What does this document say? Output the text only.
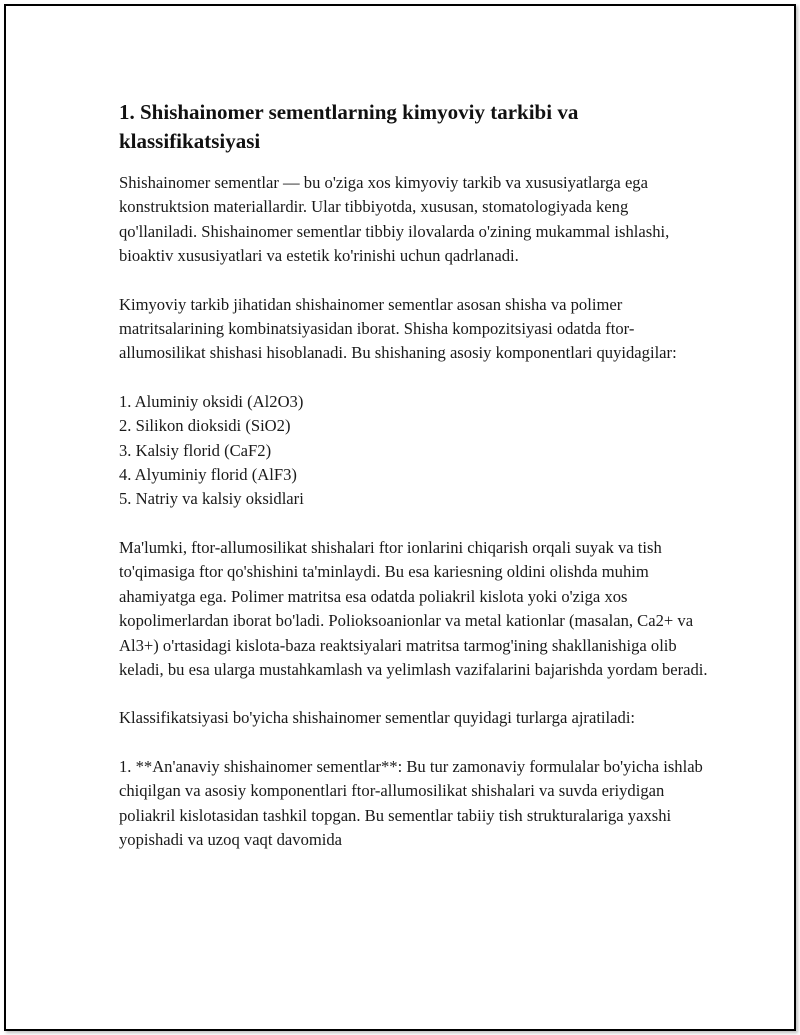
1. Shishainomer sementlarning kimyoviy tarkibi va klassifikatsiyasi

Shishainomer sementlar — bu o'ziga xos kimyoviy tarkib va xususiyatlarga ega konstruktsion materiallardir. Ular tibbiyotda, xususan, stomatologiyada keng qo'llaniladi. Shishainomer sementlar tibbiy ilovalarda o'zining mukammal ishlashi, bioaktiv xususiyatlari va estetik ko'rinishi uchun qadrlanadi.

Kimyoviy tarkib jihatidan shishainomer sementlar asosan shisha va polimer matritsalarining kombinatsiyasidan iborat. Shisha kompozitsiyasi odatda ftor-allumosilikat shishasi hisoblanadi. Bu shishaning asosiy komponentlari quyidagilar:

1. Aluminiy oksidi (Al2O3)
2. Silikon dioksidi (SiO2)
3. Kalsiy florid (CaF2)
4. Alyuminiy florid (AlF3)
5. Natriy va kalsiy oksidlari

Ma'lumki, ftor-allumosilikat shishalari ftor ionlarini chiqarish orqali suyak va tish to'qimasiga ftor qo'shishini ta'minlaydi. Bu esa kariesning oldini olishda muhim ahamiyatga ega. Polimer matritsa esa odatda poliakril kislota yoki o'ziga xos kopolimerlardan iborat bo'ladi. Polioksoanionlar va metal kationlar (masalan, Ca2+ va Al3+) o'rtasidagi kislota-baza reaktsiyalari matritsa tarmog'ining shakllanishiga olib keladi, bu esa ularga mustahkamlash va yelimlash vazifalarini bajarishda yordam beradi.

Klassifikatsiyasi bo'yicha shishainomer sementlar quyidagi turlarga ajratiladi:

1. **An'anaviy shishainomer sementlar**: Bu tur zamonaviy formulalar bo'yicha ishlab chiqilgan va asosiy komponentlari ftor-allumosilikat shishalari va suvda eriydigan poliakril kislotasidan tashkil topgan. Bu sementlar tabiiy tish strukturalariga yaxshi yopishadi va uzoq vaqt davomida
